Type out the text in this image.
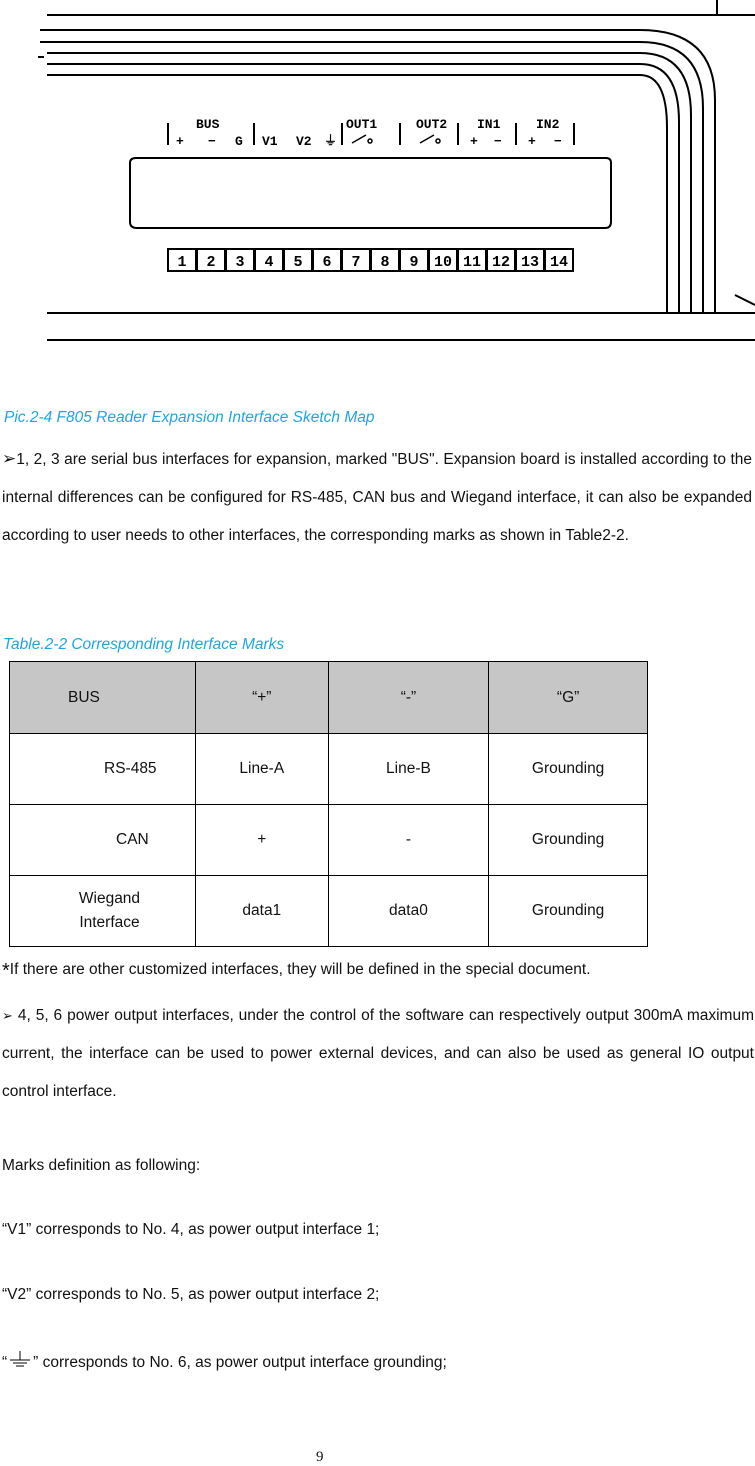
BUS
+ − G V1 V2 ⏚
OUT1	OUT2 IN1	IN2
+ − + −
1 2 3 4 5 6 7 8 9 10 11 12 13 14
Pic.2-4 F805 Reader Expansion Interface Sketch Map
➢1, 2, 3 are serial bus interfaces for expansion, marked "BUS". Expansion board is installed according to the internal differences can be configured for RS-485, CAN bus and Wiegand interface, it can also be expanded according to user needs to other interfaces, the corresponding marks as shown in Table2-2.
Table.2-2 Corresponding Interface Marks
BUS	“+”	“-”	“G”
RS-485	Line-A	Line-B	Grounding
CAN	+	-	Grounding
Wiegand Interface	data1	data0	Grounding
*If there are other customized interfaces, they will be defined in the special document.
➢ 4, 5, 6 power output interfaces, under the control of the software can respectively output 300mA maximum current, the interface can be used to power external devices, and can also be used as general IO output control interface.
Marks definition as following:
“V1” corresponds to No. 4, as power output interface 1;
“V2” corresponds to No. 5, as power output interface 2;
“ ” corresponds to No. 6, as power output interface grounding;
9
